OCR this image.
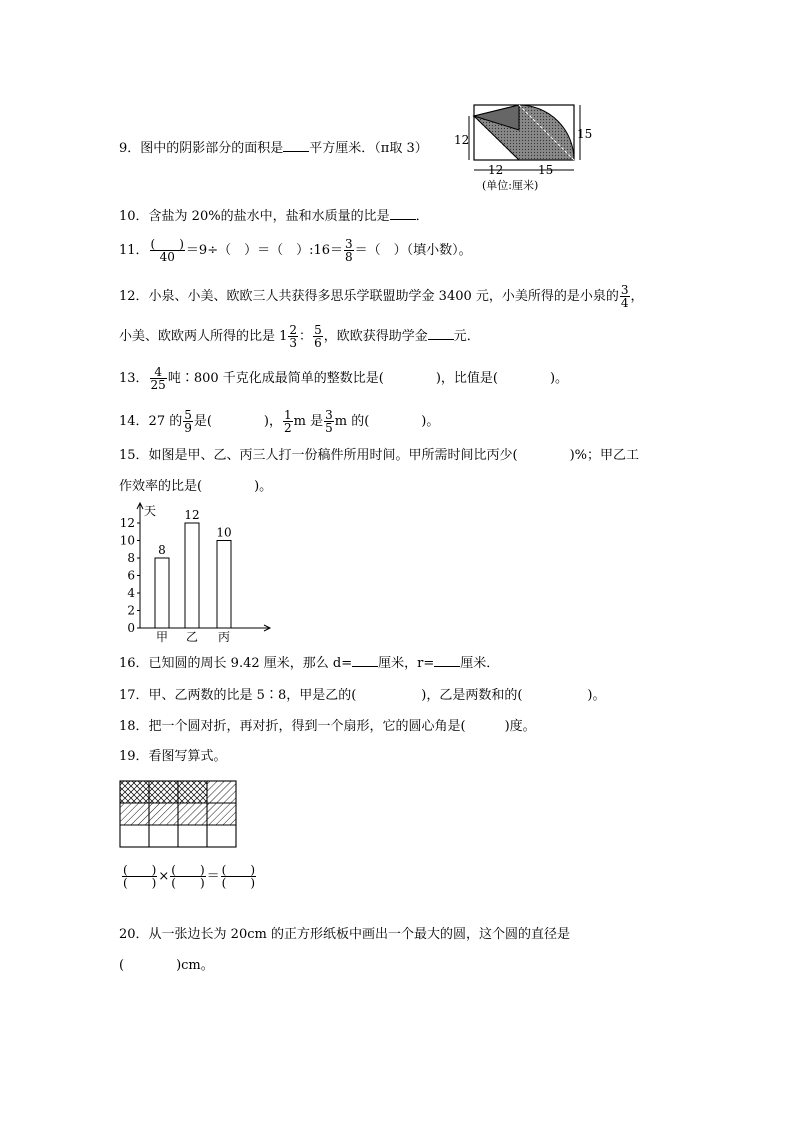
9．图中的阴影部分的面积是 平方厘米．（π取 3）
12	15
12	15
(单位:厘米)
10．含盐为 20%的盐水中，盐和水质量的比是 ．
11． $\frac{( )}{40} =9\div$（　）＝（　）:16＝ $\frac{3}{8}$ ＝（　）（填小数）。
12．小泉、小美、欧欧三人共获得多思乐学联盟助学金 3400 元，小美所得的是小泉的 $\frac{3}{4}$ ，
小美、欧欧两人所得的比是 $1 \frac{2}{3}$ ： $\frac{5}{6}$ ，欧欧获得助学金 元．
13． $\frac{4}{25}$ 吨∶800 千克化成最简单的整数比是(　　　　)，比值是(　　　　)。
14．27 的 $\frac{5}{9}$ 是(　　　　)， $\frac{1}{2}$ m 是 $\frac{3}{5}$ m 的(　　　　)。
15．如图是甲、乙、丙三人打一份稿件所用时间。甲所需时间比丙少(　　　　)%；甲乙工
作效率的比是(　　　　)。
天
0
2
4
6
8
10
12
8
甲
12
乙
10
丙
16．已知圆的周长 9.42 厘米，那么 d= 厘米，r= 厘米．
17．甲、乙两数的比是 5∶8，甲是乙的(　　　　　)，乙是两数和的(　　　　　)。
18．把一个圆对折，再对折，得到一个扇形，它的圆心角是(　　　)度。
19．看图写算式。
$\frac{( )}{( )} \times \frac{( )}{( )} = \frac{( )}{( )}$
20．从一张边长为 20cm 的正方形纸板中画出一个最大的圆，这个圆的直径是
(　　　　)cm。
